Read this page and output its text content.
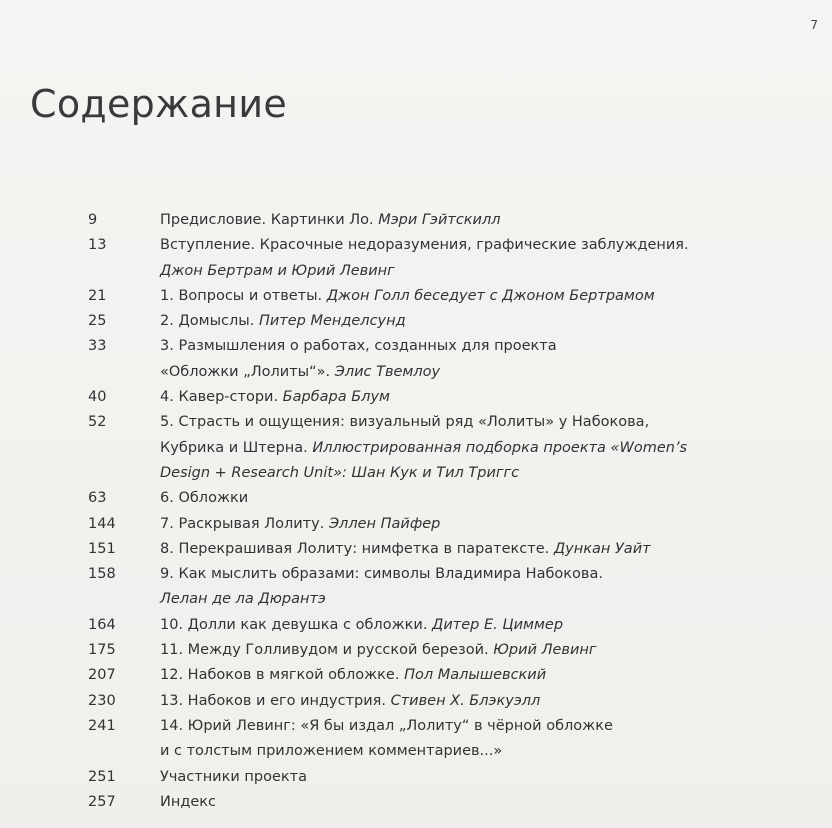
7
Содержание
9	Предисловие. Картинки Ло. Мэри Гэйтскилл
13	Вступление. Красочные недоразумения, графические заблуждения.
Джон Бертрам и Юрий Левинг
21	1. Вопросы и ответы. Джон Голл беседует с Джоном Бертрамом
25	2. Домыслы. Питер Менделсунд
33	3. Размышления о работах, созданных для проекта
«Обложки „Лолиты“». Элис Твемлоу
40	4. Кавер-стори. Барбара Блум
52	5. Страсть и ощущения: визуальный ряд «Лолиты» у Набокова,
Кубрика и Штерна. Иллюстрированная подборка проекта «Women’s
Design + Research Unit»: Шан Кук и Тил Триггс
63	6. Обложки
144	7. Раскрывая Лолиту. Эллен Пайфер
151	8. Перекрашивая Лолиту: нимфетка в паратексте. Дункан Уайт
158	9. Как мыслить образами: символы Владимира Набокова.
Лелан де ла Дюрантэ
164	10. Долли как девушка с обложки. Дитер Е. Циммер
175	11. Между Голливудом и русской березой. Юрий Левинг
207	12. Набоков в мягкой обложке. Пол Малышевский
230	13. Набоков и его индустрия. Стивен Х. Блэкуэлл
241	14. Юрий Левинг: «Я бы издал „Лолиту“ в чёрной обложке
и с толстым приложением комментариев...»
251	Участники проекта
257	Индекс
